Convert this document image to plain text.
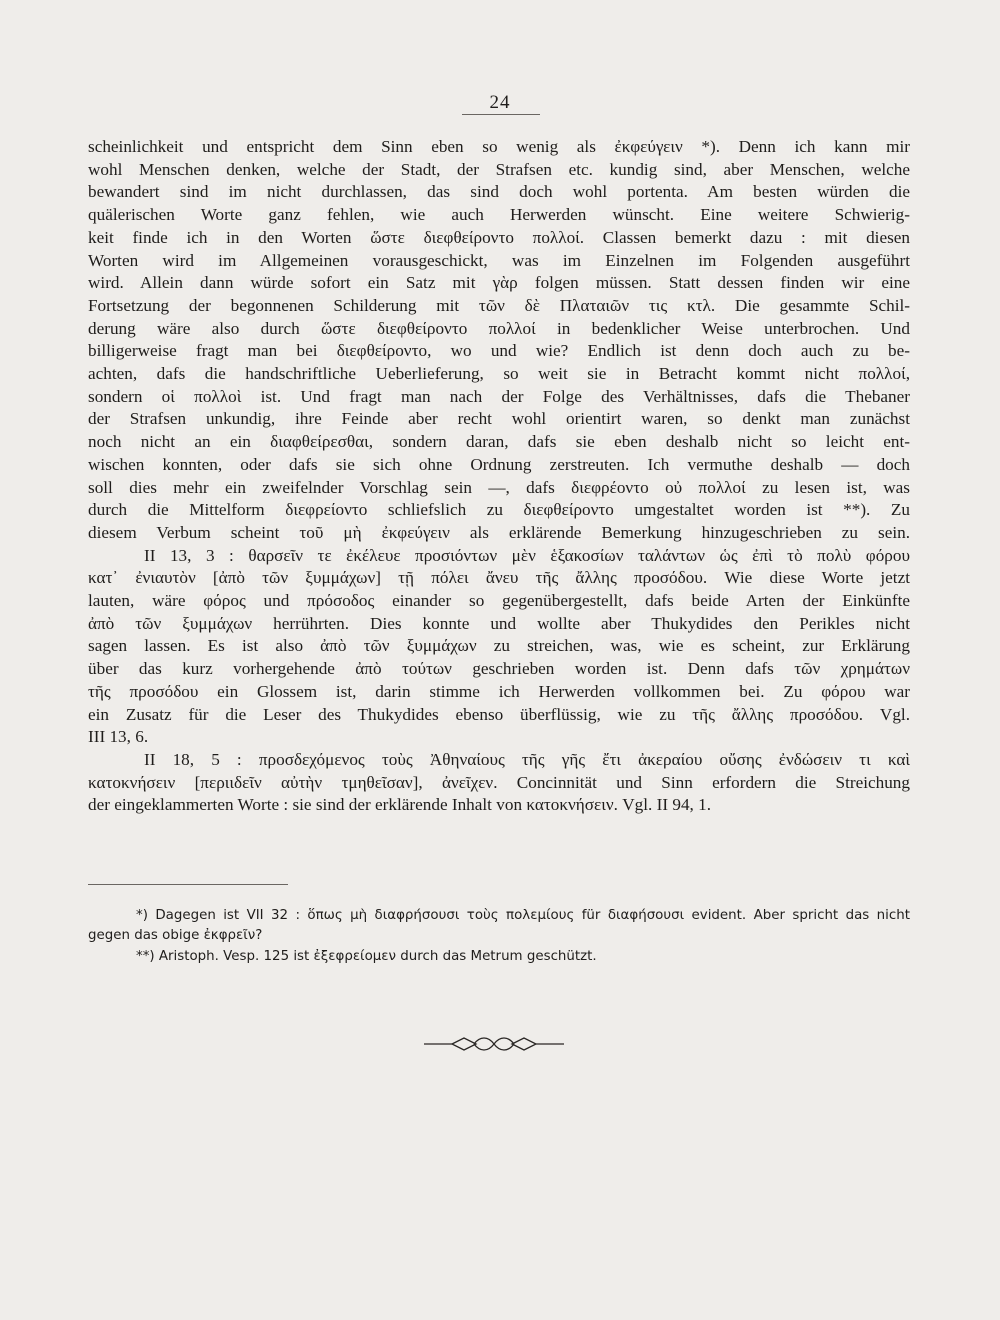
24
scheinlichkeit und entspricht dem Sinn eben so wenig als ἐκφεύγειν *). Denn ich kann mir
wohl Menschen denken, welche der Stadt, der Strafsen etc. kundig sind, aber Menschen, welche
bewandert sind im nicht durchlassen, das sind doch wohl portenta. Am besten würden die
quälerischen Worte ganz fehlen, wie auch Herwerden wünscht. Eine weitere Schwierig-
keit finde ich in den Worten ὥστε διεφθείροντο πολλοί. Classen bemerkt dazu : mit diesen
Worten wird im Allgemeinen vorausgeschickt, was im Einzelnen im Folgenden ausgeführt
wird. Allein dann würde sofort ein Satz mit γὰρ folgen müssen. Statt dessen finden wir eine
Fortsetzung der begonnenen Schilderung mit τῶν δὲ Πλαταιῶν τις κτλ. Die gesammte Schil-
derung wäre also durch ὥστε διεφθείροντο πολλοί in bedenklicher Weise unterbrochen. Und
billigerweise fragt man bei διεφθείροντο, wo und wie? Endlich ist denn doch auch zu be-
achten, dafs die handschriftliche Ueberlieferung, so weit sie in Betracht kommt nicht πολλοί,
sondern οἱ πολλοὶ ist. Und fragt man nach der Folge des Verhältnisses, dafs die Thebaner
der Strafsen unkundig, ihre Feinde aber recht wohl orientirt waren, so denkt man zunächst
noch nicht an ein διαφθείρεσθαι, sondern daran, dafs sie eben deshalb nicht so leicht ent-
wischen konnten, oder dafs sie sich ohne Ordnung zerstreuten. Ich vermuthe deshalb — doch
soll dies mehr ein zweifelnder Vorschlag sein —, dafs διεφρέοντο οὐ πολλοί zu lesen ist, was
durch die Mittelform διεφρείοντο schliefslich zu διεφθείροντο umgestaltet worden ist **). Zu
diesem Verbum scheint τοῦ μὴ ἐκφεύγειν als erklärende Bemerkung hinzugeschrieben zu sein.
II 13, 3 : θαρσεῖν τε ἐκέλευε προσιόντων μὲν ἑξακοσίων ταλάντων ὡς ἐπὶ τὸ πολὺ φόρου
κατ᾽ ἐνιαυτὸν [ἀπὸ τῶν ξυμμάχων] τῇ πόλει ἄνευ τῆς ἄλλης προσόδου. Wie diese Worte jetzt
lauten, wäre φόρος und πρόσοδος einander so gegenübergestellt, dafs beide Arten der Einkünfte
ἀπὸ τῶν ξυμμάχων herrührten. Dies konnte und wollte aber Thukydides den Perikles nicht
sagen lassen. Es ist also ἀπὸ τῶν ξυμμάχων zu streichen, was, wie es scheint, zur Erklärung
über das kurz vorhergehende ἀπὸ τούτων geschrieben worden ist. Denn dafs τῶν χρημάτων
τῆς προσόδου ein Glossem ist, darin stimme ich Herwerden vollkommen bei. Zu φόρου war
ein Zusatz für die Leser des Thukydides ebenso überflüssig, wie zu τῆς ἄλλης προσόδου. Vgl.
III 13, 6.
II 18, 5 : προσδεχόμενος τοὺς Ἀθηναίους τῆς γῆς ἔτι ἀκεραίου οὔσης ἐνδώσειν τι καὶ
κατοκνήσειν [περιιδεῖν αὐτὴν τμηθεῖσαν], ἀνεῖχεν. Concinnität und Sinn erfordern die Streichung
der eingeklammerten Worte : sie sind der erklärende Inhalt von κατοκνήσειν. Vgl. II 94, 1.
*) Dagegen ist VII 32 : ὅπως μὴ διαφρήσουσι τοὺς πολεμίους für διαφήσουσι evident. Aber spricht das nicht
gegen das obige ἐκφρεῖν?
**) Aristoph. Vesp. 125 ist ἐξεφρείομεν durch das Metrum geschützt.
